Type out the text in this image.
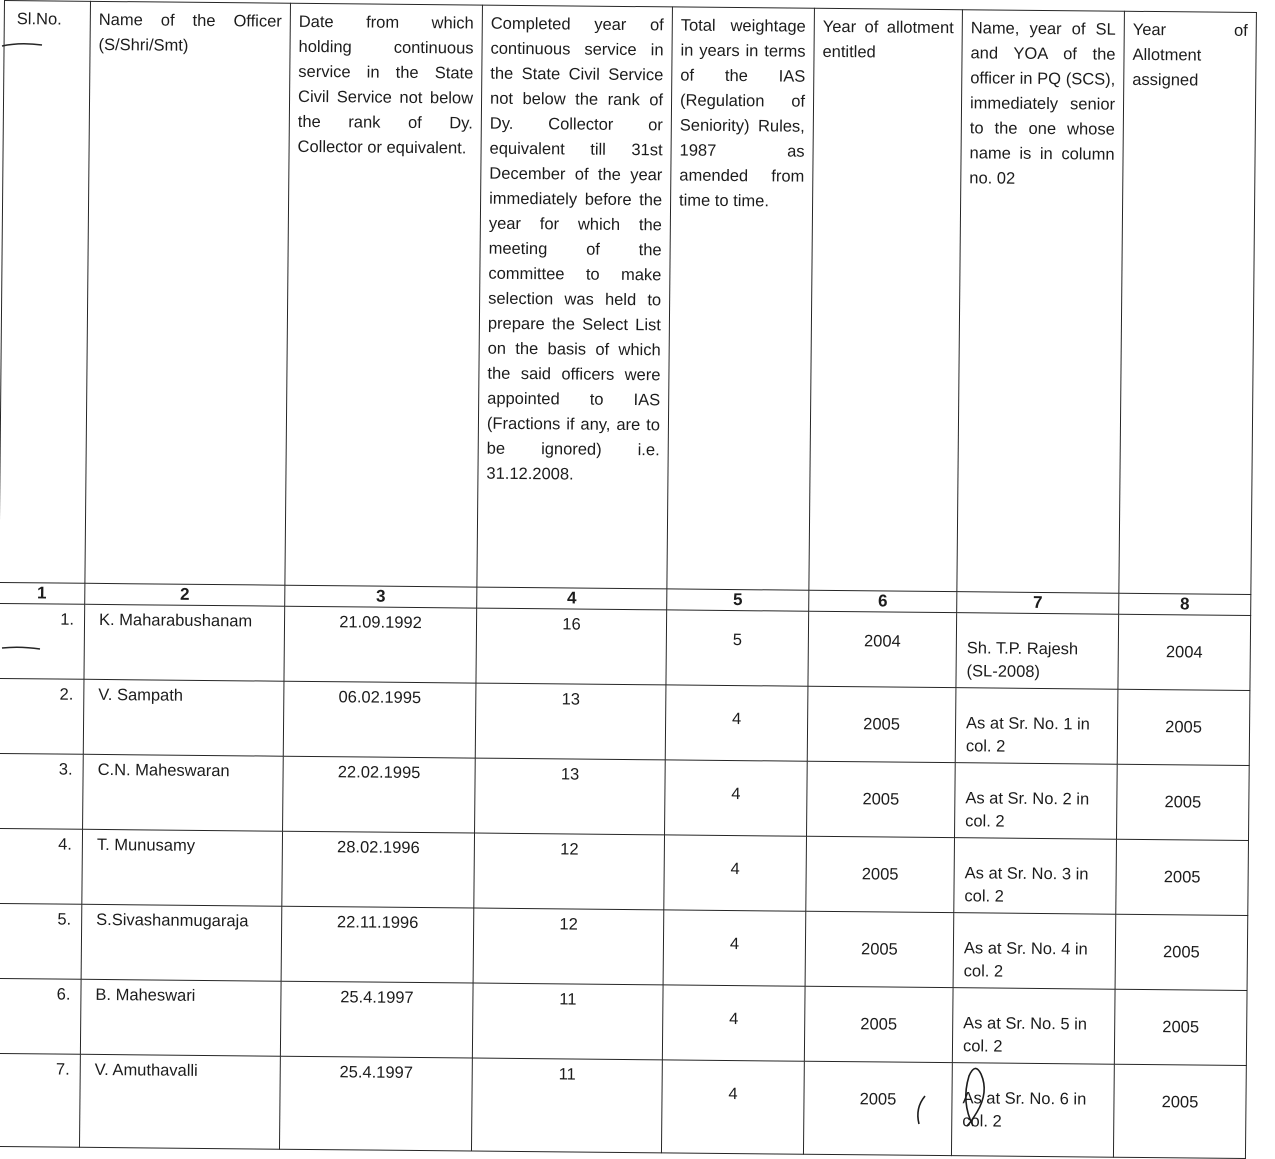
Sl.No.	Name of the Officer (S/Shri/Smt)	Date from which holding continuous service in the State Civil Service not below the rank of Dy. Collector or equivalent.	Completed year of continuous service in the State Civil Service not below the rank of Dy. Collector or equivalent till 31st December of the year immediately before the year for which the meeting of the committee to make selection was held to prepare the Select List on the basis of which the said officers were appointed to IAS (Fractions if any, are to be ignored) i.e. 31.12.2008.	Total weightage in years in terms of the IAS (Regulation of Seniority) Rules, 1987 as amended from time to time.	Year of allotment entitled	Name, year of SL and YOA of the officer in PQ (SCS), immediately senior to the one whose name is in column no. 02	Year of Allotment assigned
1	2	3	4	5	6	7	8
1.	K. Maharabushanam	21.09.1992	16	5	2004	Sh. T.P. Rajesh (SL-2008)	2004
2.	V. Sampath	06.02.1995	13	4	2005	As at Sr. No. 1 in col. 2	2005
3.	C.N. Maheswaran	22.02.1995	13	4	2005	As at Sr. No. 2 in col. 2	2005
4.	T. Munusamy	28.02.1996	12	4	2005	As at Sr. No. 3 in col. 2	2005
5.	S.Sivashanmugaraja	22.11.1996	12	4	2005	As at Sr. No. 4 in col. 2	2005
6.	B. Maheswari	25.4.1997	11	4	2005	As at Sr. No. 5 in col. 2	2005
7.	V. Amuthavalli	25.4.1997	11	4	2005	As at Sr. No. 6 in col. 2	2005
